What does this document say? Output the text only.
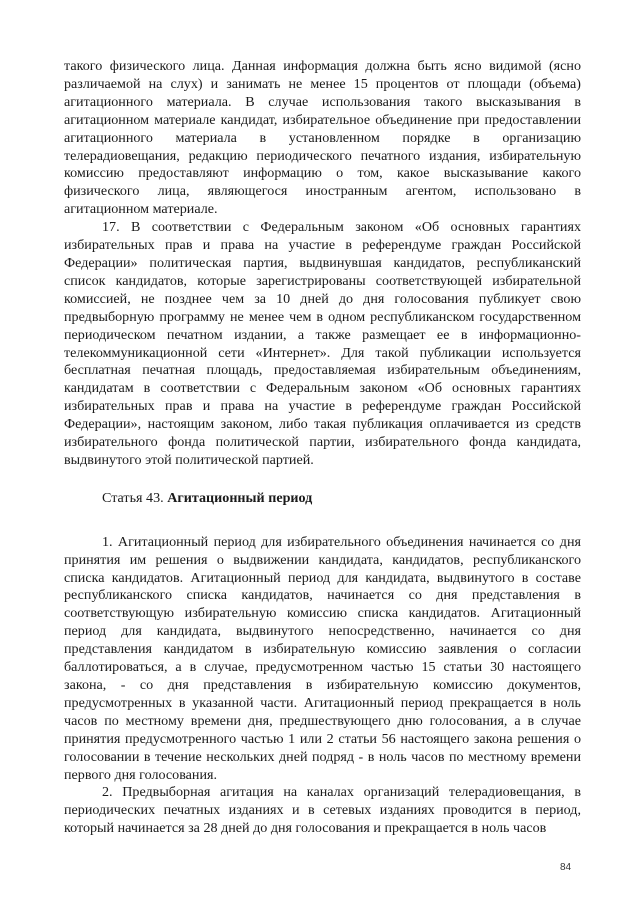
такого физического лица. Данная информация должна быть ясно видимой (ясно различаемой на слух) и занимать не менее 15 процентов от площади (объема) агитационного материала. В случае использования такого высказывания в агитационном материале кандидат, избирательное объединение при предоставлении агитационного материала в установленном порядке в организацию телерадиовещания, редакцию периодического печатного издания, избирательную комиссию предоставляют информацию о том, какое высказывание какого физического лица, являющегося иностранным агентом, использовано в агитационном материале.

17. В соответствии с Федеральным законом «Об основных гарантиях избирательных прав и права на участие в референдуме граждан Российской Федерации» политическая партия, выдвинувшая кандидатов, республиканский список кандидатов, которые зарегистрированы соответствующей избирательной комиссией, не позднее чем за 10 дней до дня голосования публикует свою предвыборную программу не менее чем в одном республиканском государственном периодическом печатном издании, а также размещает ее в информационно-телекоммуникационной сети «Интернет». Для такой публикации используется бесплатная печатная площадь, предоставляемая избирательным объединениям, кандидатам в соответствии с Федеральным законом «Об основных гарантиях избирательных прав и права на участие в референдуме граждан Российской Федерации», настоящим законом, либо такая публикация оплачивается из средств избирательного фонда политической партии, избирательного фонда кандидата, выдвинутого этой политической партией.

Статья 43. Агитационный период

1. Агитационный период для избирательного объединения начинается со дня принятия им решения о выдвижении кандидата, кандидатов, республиканского списка кандидатов. Агитационный период для кандидата, выдвинутого в составе республиканского списка кандидатов, начинается со дня представления в соответствующую избирательную комиссию списка кандидатов. Агитационный период для кандидата, выдвинутого непосредственно, начинается со дня представления кандидатом в избирательную комиссию заявления о согласии баллотироваться, а в случае, предусмотренном частью 15 статьи 30 настоящего закона, - со дня представления в избирательную комиссию документов, предусмотренных в указанной части. Агитационный период прекращается в ноль часов по местному времени дня, предшествующего дню голосования, а в случае принятия предусмотренного частью 1 или 2 статьи 56 настоящего закона решения о голосовании в течение нескольких дней подряд - в ноль часов по местному времени первого дня голосования.

2. Предвыборная агитация на каналах организаций телерадиовещания, в периодических печатных изданиях и в сетевых изданиях проводится в период, который начинается за 28 дней до дня голосования и прекращается в ноль часов

84
